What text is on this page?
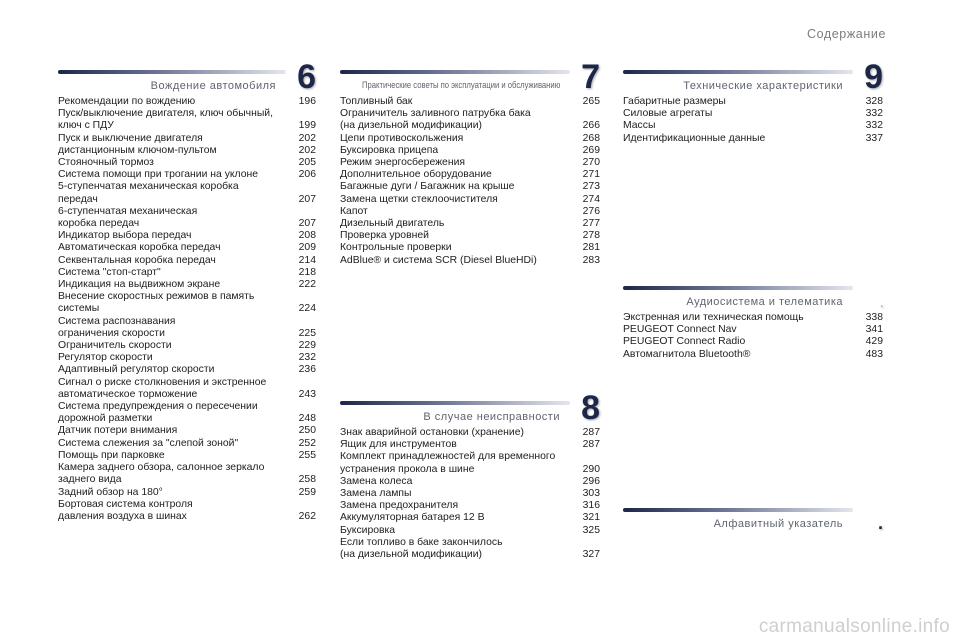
Содержание
Вождение автомобиля 6
Рекомендации по вождению	196
Пуск/выключение двигателя, ключ обычный,
ключ с ПДУ	199
Пуск и выключение двигателя	202
дистанционным ключом-пультом	202
Стояночный тормоз	205
Система помощи при трогании на уклоне	206
5-ступенчатая механическая коробка
передач	207
6-ступенчатая механическая
коробка передач	207
Индикатор выбора передач	208
Автоматическая коробка передач	209
Секвентальная коробка передач	214
Система "стоп-старт"	218
Индикация на выдвижном экране	222
Внесение скоростных режимов в память
системы	224
Система распознавания
ограничения скорости	225
Ограничитель скорости	229
Регулятор скорости	232
Адаптивный регулятор скорости	236
Сигнал о риске столкновения и экстренное
автоматическое торможение	243
Система предупреждения о пересечении
дорожной разметки	248
Датчик потери внимания	250
Система слежения за "слепой зоной"	252
Помощь при парковке	255
Камера заднего обзора, салонное зеркало
заднего вида	258
Задний обзор на 180°	259
Бортовая система контроля
давления воздуха в шинах	262
Практические советы по эксплуатации и обслуживанию 7
Топливный бак	265
Ограничитель заливного патрубка бака
(на дизельной модификации)	266
Цепи противоскольжения	268
Буксировка прицепа	269
Режим энергосбережения	270
Дополнительное оборудование	271
Багажные дуги / Багажник на крыше	273
Замена щетки стеклоочистителя	274
Капот	276
Дизельный двигатель	277
Проверка уровней	278
Контрольные проверки	281
AdBlue® и система SCR (Diesel BlueHDi)	283
В случае неисправности 8
Знак аварийной остановки (хранение)	287
Ящик для инструментов	287
Комплект принадлежностей для временного
устранения прокола в шине	290
Замена колеса	296
Замена лампы	303
Замена предохранителя	316
Аккумуляторная батарея 12 В	321
Буксировка	325
Если топливо в баке закончилось
(на дизельной модификации)	327
Технические характеристики 9
Габаритные размеры	328
Силовые агрегаты	332
Массы	332
Идентификационные данные	337
Аудиосистема и телематика	.
Экстренная или техническая помощь	338
PEUGEOT Connect Nav	341
PEUGEOT Connect Radio	429
Автомагнитола Bluetooth®	483
Алфавитный указатель .
carmanualsonline.info
